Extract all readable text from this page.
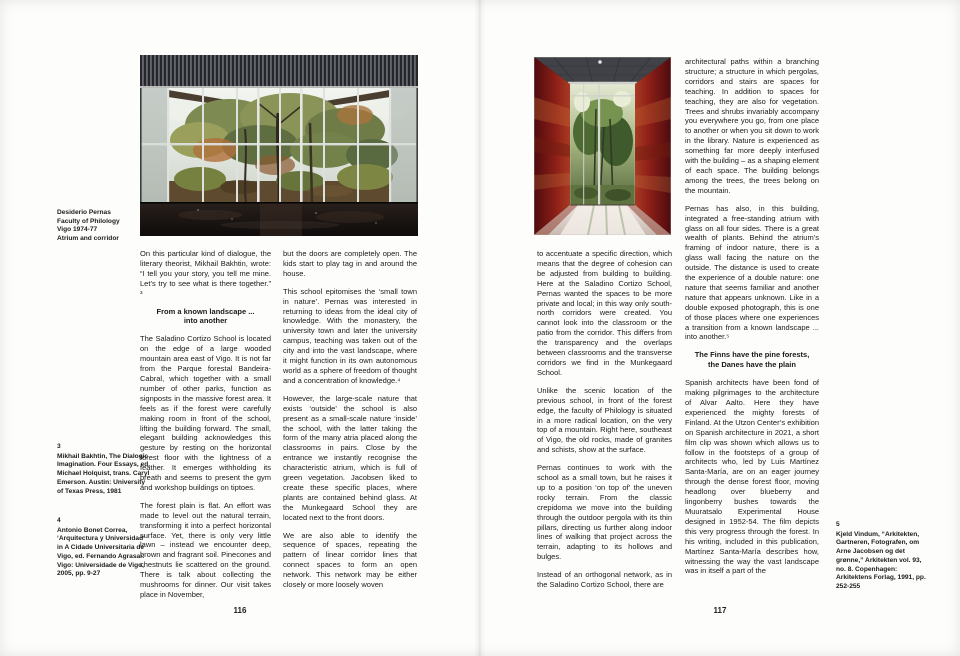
Desiderio Pernas
Faculty of Philology
Vigo 1974-77
Atrium and corridor
3
Mikhail Bakhtin, The Dialogic Imagination. Four Essays, ed. Michael Holquist, trans. Caryl Emerson. Austin: University of Texas Press, 1981
4
Antonio Bonet Correa, ‘Arquitectura y Universidad’ in A Cidade Universitaria de Vigo, ed. Fernando Agrasar. Vigo: Universidade de Vigo, 2005, pp. 9-27

On this particular kind of dialogue, the literary theorist, Mikhail Bakhtin, wrote: “I tell you your story, you tell me mine. Let’s try to see what is there together.” ³

From a known landscape ...
into another

The Saladino Cortizo School is located on the edge of a large wooded mountain area east of Vigo. It is not far from the Parque forestal Bandeira-Cabral, which together with a small number of other parks, function as signposts in the massive forest area. It feels as if the forest were carefully making room in front of the school, lifting the building forward. The small, elegant building acknowledges this gesture by resting on the horizontal forest floor with the lightness of a feather. It emerges withholding its breath and seems to present the gym and workshop buildings on tiptoes.

The forest plain is flat. An effort was made to level out the natural terrain, transforming it into a perfect horizontal surface. Yet, there is only very little lawn – instead we encounter deep, brown and fragrant soil. Pinecones and chestnuts lie scattered on the ground. There is talk about collecting the mushrooms for dinner. Our visit takes place in November,

but the doors are completely open. The kids start to play tag in and around the house.

This school epitomises the ‘small town in nature’. Pernas was interested in returning to ideas from the ideal city of knowledge. With the monastery, the university town and later the university campus, teaching was taken out of the city and into the vast landscape, where it might function in its own autonomous world as a sphere of freedom of thought and a concentration of knowledge.⁴

However, the large-scale nature that exists ‘outside’ the school is also present as a small-scale nature ‘inside’ the school, with the latter taking the form of the many atria placed along the classrooms in pairs. Close by the entrance we instantly recognise the characteristic atrium, which is full of green vegetation. Jacobsen liked to create these specific places, where plants are contained behind glass. At the Munkegaard School they are located next to the front doors.

We are also able to identify the sequence of spaces, repeating the pattern of linear corridor lines that connect spaces to form an open network. This network may be either closely or more loosely woven

116

to accentuate a specific direction, which means that the degree of cohesion can be adjusted from building to building. Here at the Saladino Cortizo School, Pernas wanted the spaces to be more private and local; in this way only south-north corridors were created. You cannot look into the classroom or the patio from the corridor. This differs from the transparency and the overlaps between classrooms and the transverse corridors we find in the Munkegaard School.

Unlike the scenic location of the previous school, in front of the forest edge, the faculty of Philology is situated in a more radical location, on the very top of a mountain. Right here, southeast of Vigo, the old rocks, made of granites and schists, show at the surface.

Pernas continues to work with the school as a small town, but he raises it up to a position ‘on top of’ the uneven rocky terrain. From the classic crepidoma we move into the building through the outdoor pergola with its thin pillars, directing us further along indoor lines of walking that project across the terrain, adapting to its hollows and bulges.

Instead of an orthogonal network, as in the Saladino Cortizo School, there are

architectural paths within a branching structure; a structure in which pergolas, corridors and stairs are spaces for teaching. In addition to spaces for teaching, they are also for vegetation. Trees and shrubs invariably accompany you everywhere you go, from one place to another or when you sit down to work in the library. Nature is experienced as something far more deeply interfused with the building – as a shaping element of each space. The building belongs among the trees, the trees belong on the mountain.

Pernas has also, in this building, integrated a free-standing atrium with glass on all four sides. There is a great wealth of plants. Behind the atrium’s framing of indoor nature, there is a glass wall facing the nature on the outside. The distance is used to create the experience of a double nature: one nature that seems familiar and another nature that appears unknown. Like in a double exposed photograph, this is one of those places where one experiences a transition from a known landscape ... into another.⁵

The Finns have the pine forests,
the Danes have the plain

Spanish architects have been fond of making pilgrimages to the architecture of Alvar Aalto. Here they have experienced the mighty forests of Finland. At the Utzon Center’s exhibition on Spanish architecture in 2021, a short film clip was shown which allows us to follow in the footsteps of a group of architects who, led by Luis Martínez Santa-María, are on an eager journey through the dense forest floor, moving headlong over blueberry and lingonberry bushes towards the Muuratsalo Experimental House designed in 1952-54. The film depicts this very progress through the forest. In his writing, included in this publication, Martínez Santa-María describes how, witnessing the way the vast landscape was in itself a part of the

5
Kjeld Vindum, “Arkitekten, Gartneren, Fotografen, om Arne Jacobsen og det grønne,” Arkitekten vol. 93, no. 8. Copenhagen: Arkitektens Forlag, 1991, pp. 252-255
117
